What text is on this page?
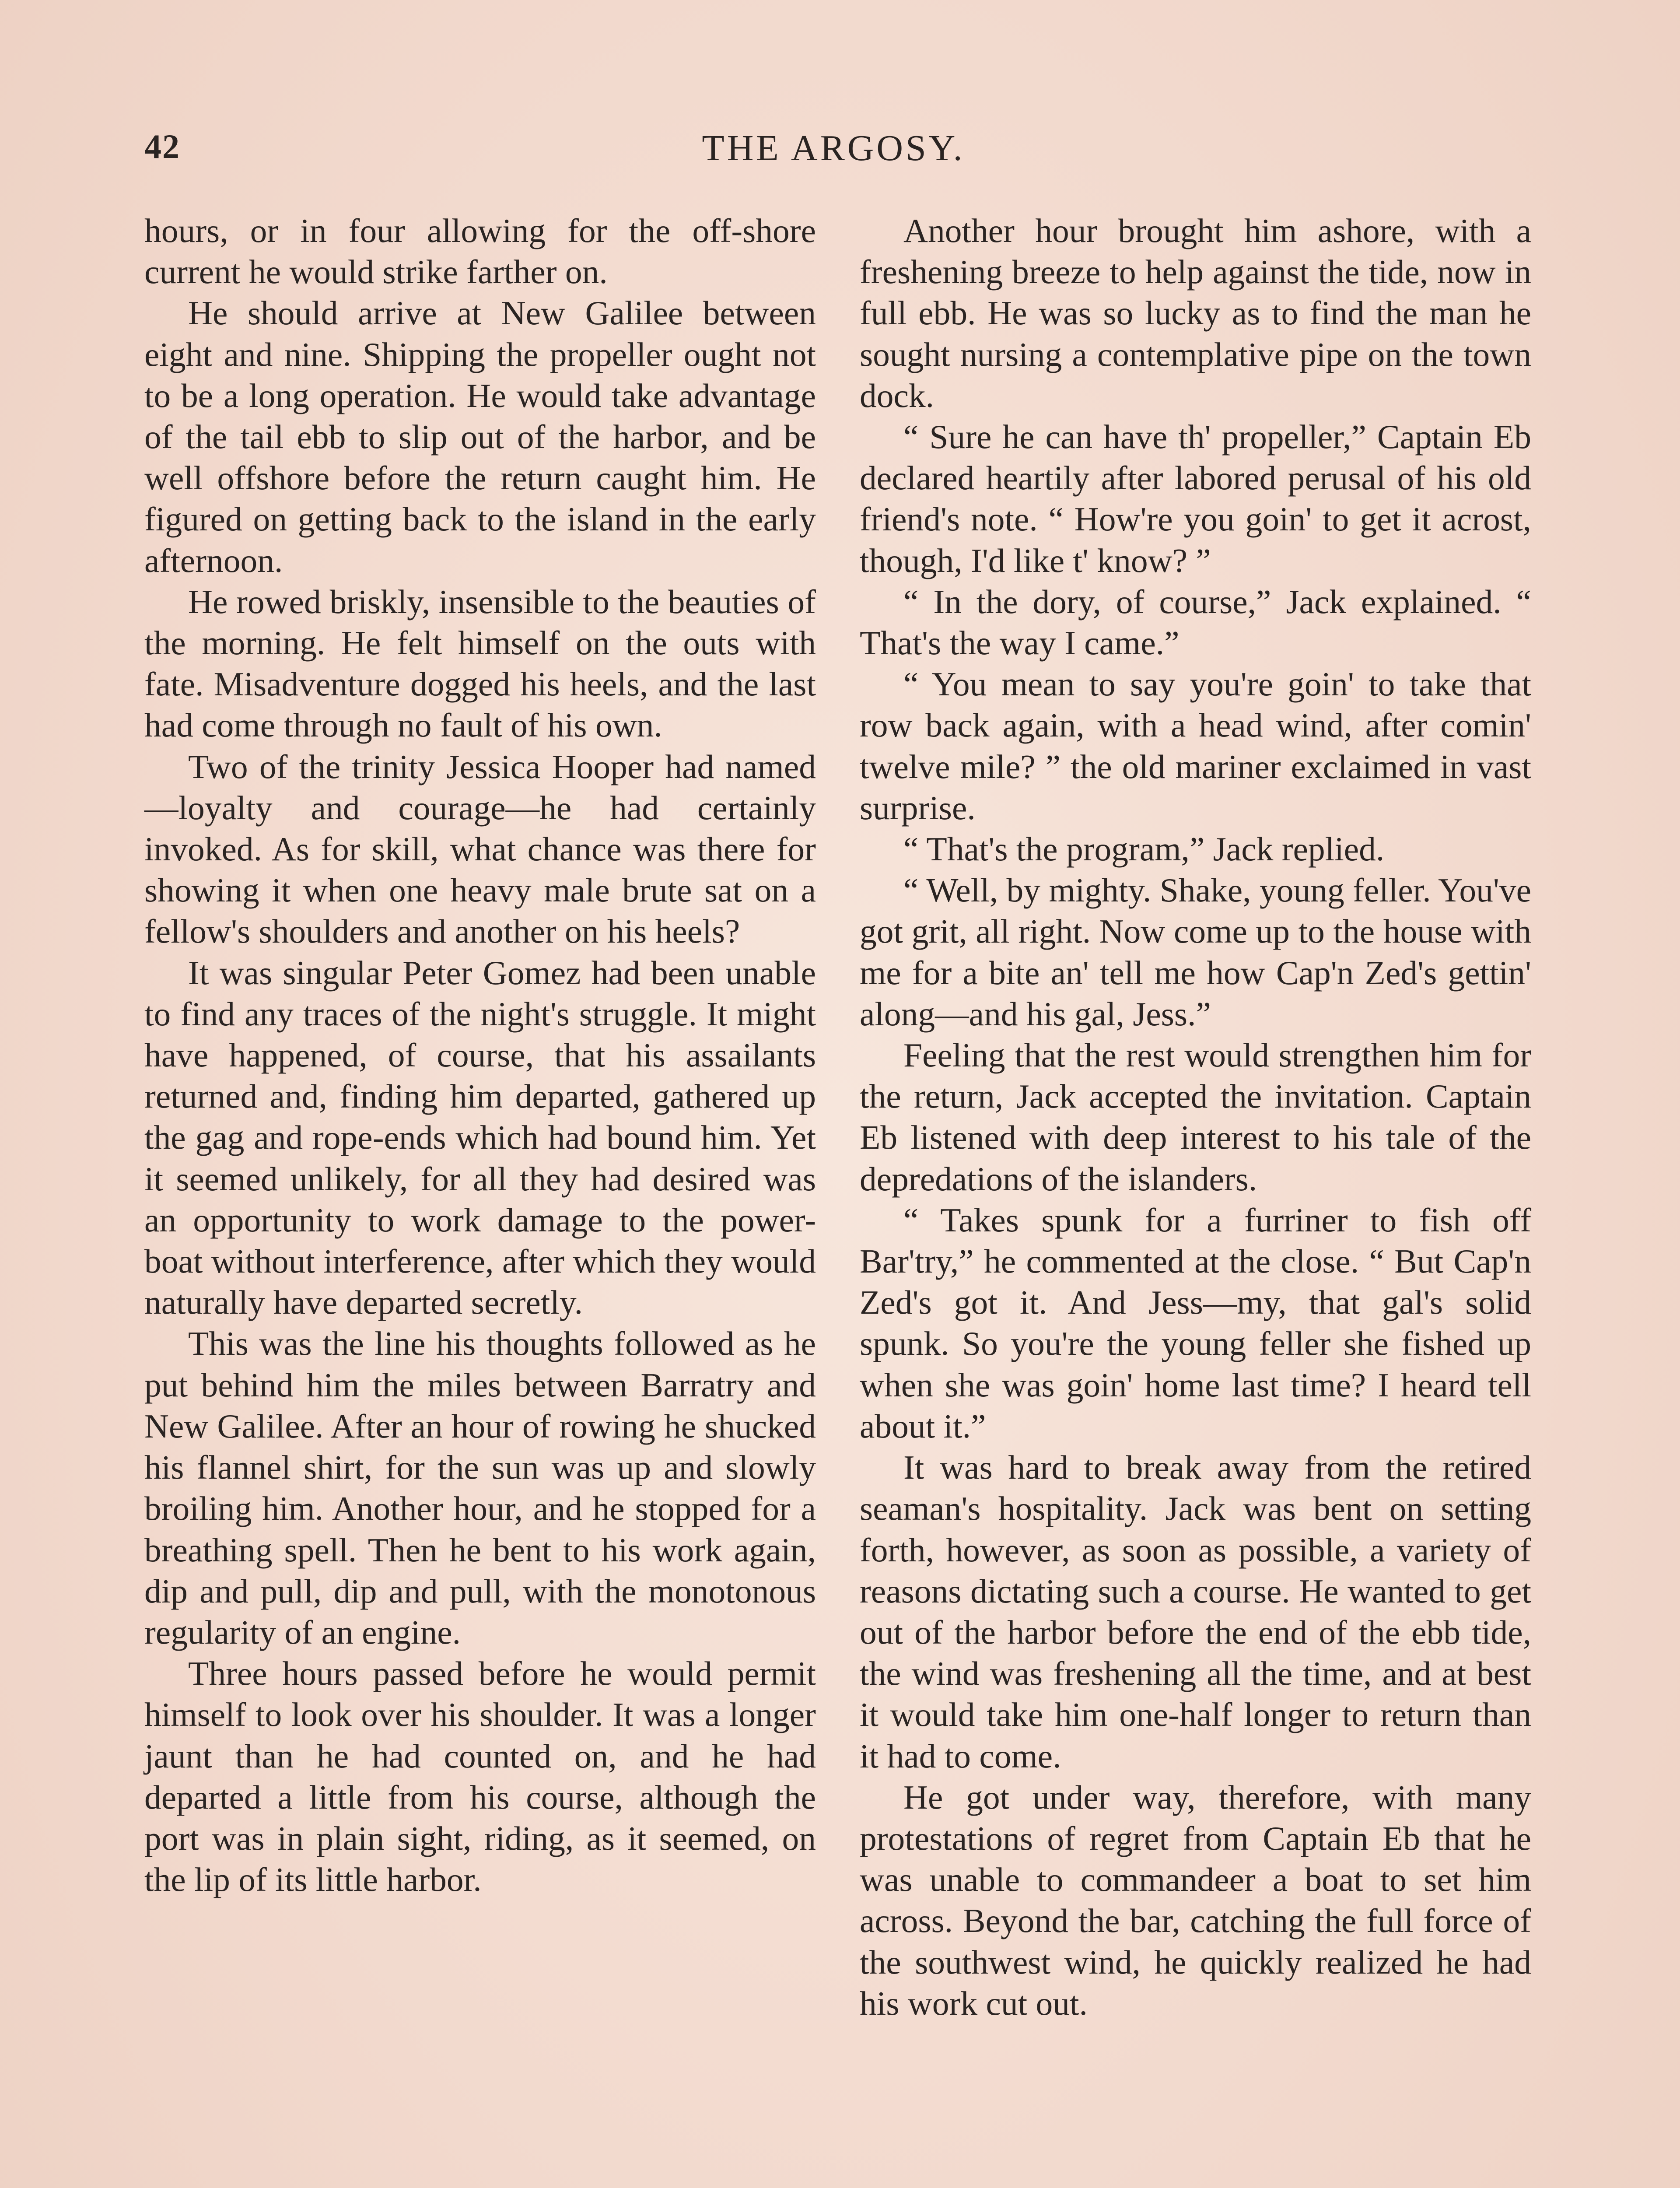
42	THE ARGOSY.

hours, or in four allowing for the off-shore current he would strike farther on.

He should arrive at New Galilee between eight and nine. Shipping the propeller ought not to be a long operation. He would take advantage of the tail ebb to slip out of the harbor, and be well offshore before the return caught him. He figured on getting back to the island in the early afternoon.

He rowed briskly, insensible to the beauties of the morning. He felt himself on the outs with fate. Misadventure dogged his heels, and the last had come through no fault of his own.

Two of the trinity Jessica Hooper had named—loyalty and courage—he had certainly invoked. As for skill, what chance was there for showing it when one heavy male brute sat on a fellow's shoulders and another on his heels?

It was singular Peter Gomez had been unable to find any traces of the night's struggle. It might have happened, of course, that his assailants returned and, finding him departed, gathered up the gag and rope-ends which had bound him. Yet it seemed unlikely, for all they had desired was an opportunity to work damage to the power-boat without interference, after which they would naturally have departed secretly.

This was the line his thoughts followed as he put behind him the miles between Barratry and New Galilee. After an hour of rowing he shucked his flannel shirt, for the sun was up and slowly broiling him. Another hour, and he stopped for a breathing spell. Then he bent to his work again, dip and pull, dip and pull, with the monotonous regularity of an engine.

Three hours passed before he would permit himself to look over his shoulder. It was a longer jaunt than he had counted on, and he had departed a little from his course, although the port was in plain sight, riding, as it seemed, on the lip of its little harbor.

Another hour brought him ashore, with a freshening breeze to help against the tide, now in full ebb. He was so lucky as to find the man he sought nursing a contemplative pipe on the town dock.

“ Sure he can have th' propeller,” Captain Eb declared heartily after labored perusal of his old friend's note. “ How're you goin' to get it acrost, though, I'd like t' know? ”

“ In the dory, of course,” Jack explained. “ That's the way I came.”

“ You mean to say you're goin' to take that row back again, with a head wind, after comin' twelve mile? ” the old mariner exclaimed in vast surprise.

“ That's the program,” Jack replied.

“ Well, by mighty. Shake, young feller. You've got grit, all right. Now come up to the house with me for a bite an' tell me how Cap'n Zed's gettin' along—and his gal, Jess.”

Feeling that the rest would strengthen him for the return, Jack accepted the invitation. Captain Eb listened with deep interest to his tale of the depredations of the islanders.

“ Takes spunk for a furriner to fish off Bar'try,” he commented at the close. “ But Cap'n Zed's got it. And Jess—my, that gal's solid spunk. So you're the young feller she fished up when she was goin' home last time? I heard tell about it.”

It was hard to break away from the retired seaman's hospitality. Jack was bent on setting forth, however, as soon as possible, a variety of reasons dictating such a course. He wanted to get out of the harbor before the end of the ebb tide, the wind was freshening all the time, and at best it would take him one-half longer to return than it had to come.

He got under way, therefore, with many protestations of regret from Captain Eb that he was unable to commandeer a boat to set him across. Beyond the bar, catching the full force of the southwest wind, he quickly realized he had his work cut out.
